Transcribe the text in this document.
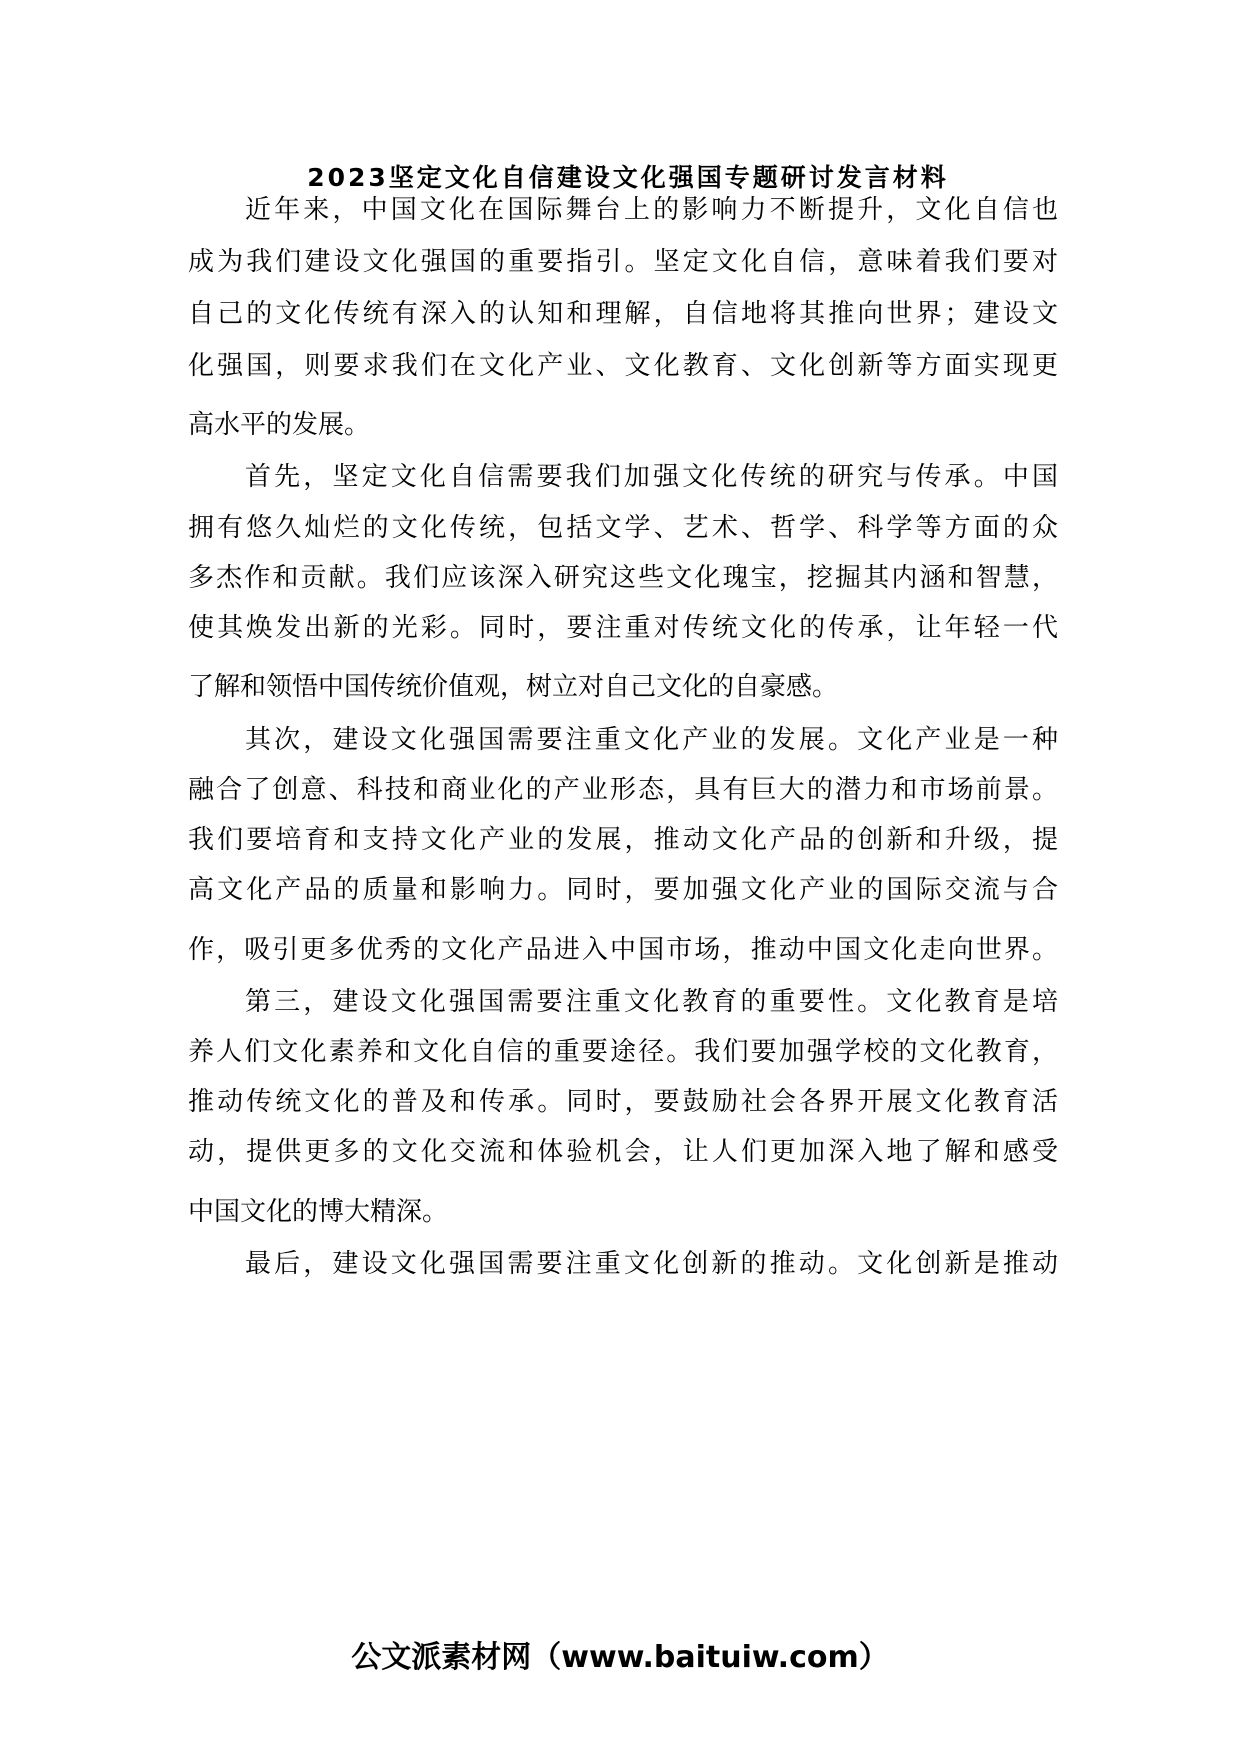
2023坚定文化自信建设文化强国专题研讨发言材料
近年来，中国文化在国际舞台上的影响力不断提升，文化自信也
成为我们建设文化强国的重要指引。坚定文化自信，意味着我们要对
自己的文化传统有深入的认知和理解，自信地将其推向世界；建设文
化强国，则要求我们在文化产业、文化教育、文化创新等方面实现更
高水平的发展。
首先，坚定文化自信需要我们加强文化传统的研究与传承。中国
拥有悠久灿烂的文化传统，包括文学、艺术、哲学、科学等方面的众
多杰作和贡献。我们应该深入研究这些文化瑰宝，挖掘其内涵和智慧，
使其焕发出新的光彩。同时，要注重对传统文化的传承，让年轻一代
了解和领悟中国传统价值观，树立对自己文化的自豪感。
其次，建设文化强国需要注重文化产业的发展。文化产业是一种
融合了创意、科技和商业化的产业形态，具有巨大的潜力和市场前景。
我们要培育和支持文化产业的发展，推动文化产品的创新和升级，提
高文化产品的质量和影响力。同时，要加强文化产业的国际交流与合
作，吸引更多优秀的文化产品进入中国市场，推动中国文化走向世界。
第三，建设文化强国需要注重文化教育的重要性。文化教育是培
养人们文化素养和文化自信的重要途径。我们要加强学校的文化教育，
推动传统文化的普及和传承。同时，要鼓励社会各界开展文化教育活
动，提供更多的文化交流和体验机会，让人们更加深入地了解和感受
中国文化的博大精深。
最后，建设文化强国需要注重文化创新的推动。文化创新是推动
公文派素材网（www.baituiw.com）
